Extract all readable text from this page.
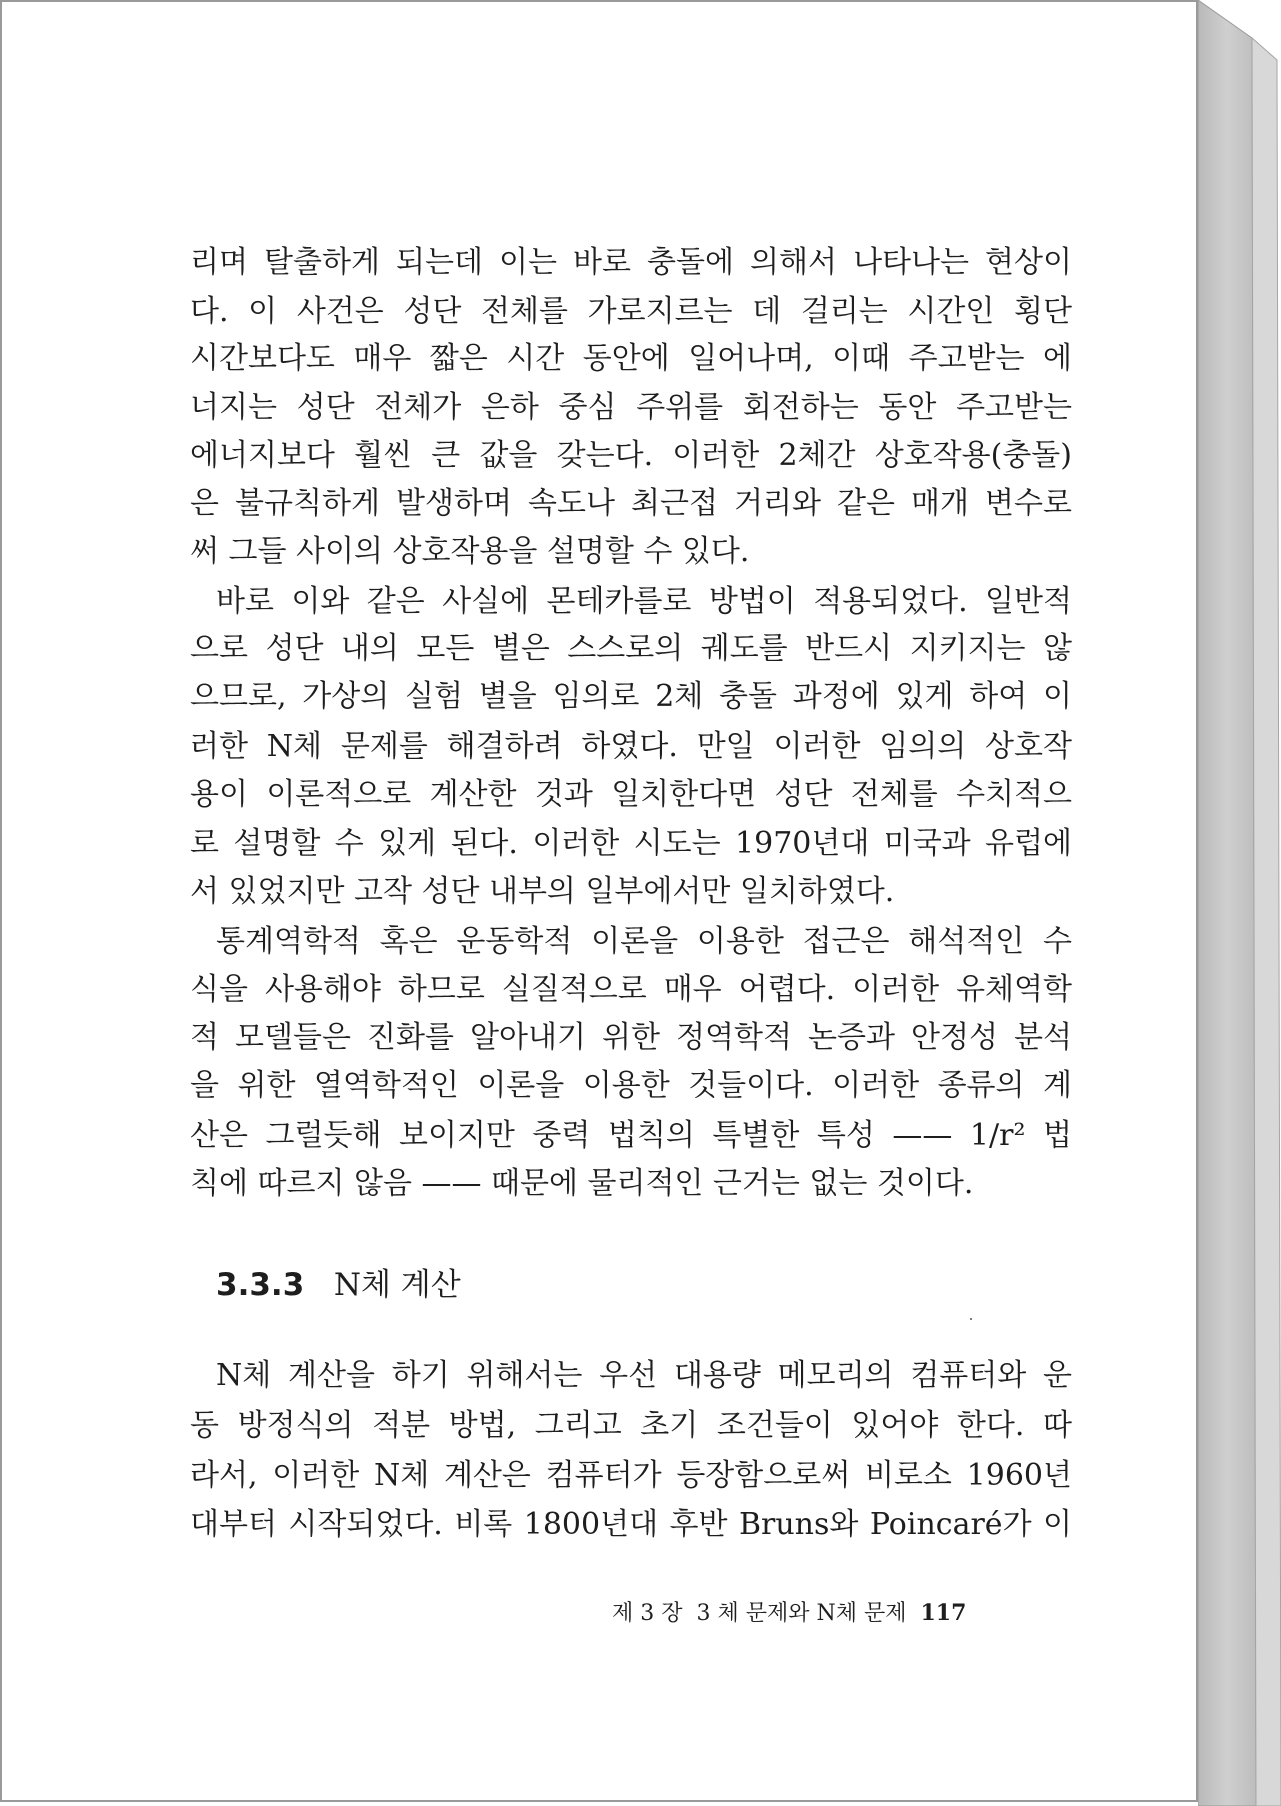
리며 탈출하게 되는데 이는 바로 충돌에 의해서 나타나는 현상이
다. 이 사건은 성단 전체를 가로지르는 데 걸리는 시간인 횡단
시간보다도 매우 짧은 시간 동안에 일어나며, 이때 주고받는 에
너지는 성단 전체가 은하 중심 주위를 회전하는 동안 주고받는
에너지보다 훨씬 큰 값을 갖는다. 이러한 2체간 상호작용(충돌)
은 불규칙하게 발생하며 속도나 최근접 거리와 같은 매개 변수로
써 그들 사이의 상호작용을 설명할 수 있다.
바로 이와 같은 사실에 몬테카를로 방법이 적용되었다. 일반적
으로 성단 내의 모든 별은 스스로의 궤도를 반드시 지키지는 않
으므로, 가상의 실험 별을 임의로 2체 충돌 과정에 있게 하여 이
러한 N체 문제를 해결하려 하였다. 만일 이러한 임의의 상호작
용이 이론적으로 계산한 것과 일치한다면 성단 전체를 수치적으
로 설명할 수 있게 된다. 이러한 시도는 1970년대 미국과 유럽에
서 있었지만 고작 성단 내부의 일부에서만 일치하였다.
통계역학적 혹은 운동학적 이론을 이용한 접근은 해석적인 수
식을 사용해야 하므로 실질적으로 매우 어렵다. 이러한 유체역학
적 모델들은 진화를 알아내기 위한 정역학적 논증과 안정성 분석
을 위한 열역학적인 이론을 이용한 것들이다. 이러한 종류의 계
산은 그럴듯해 보이지만 중력 법칙의 특별한 특성 —— 1/r² 법
칙에 따르지 않음 —— 때문에 물리적인 근거는 없는 것이다.
3.3.3 N체 계산
N체 계산을 하기 위해서는 우선 대용량 메모리의 컴퓨터와 운
동 방정식의 적분 방법, 그리고 초기 조건들이 있어야 한다. 따
라서, 이러한 N체 계산은 컴퓨터가 등장함으로써 비로소 1960년
대부터 시작되었다. 비록 1800년대 후반 Bruns와 Poincaré가 이
제 3 장  3 체 문제와 N체 문제 117
